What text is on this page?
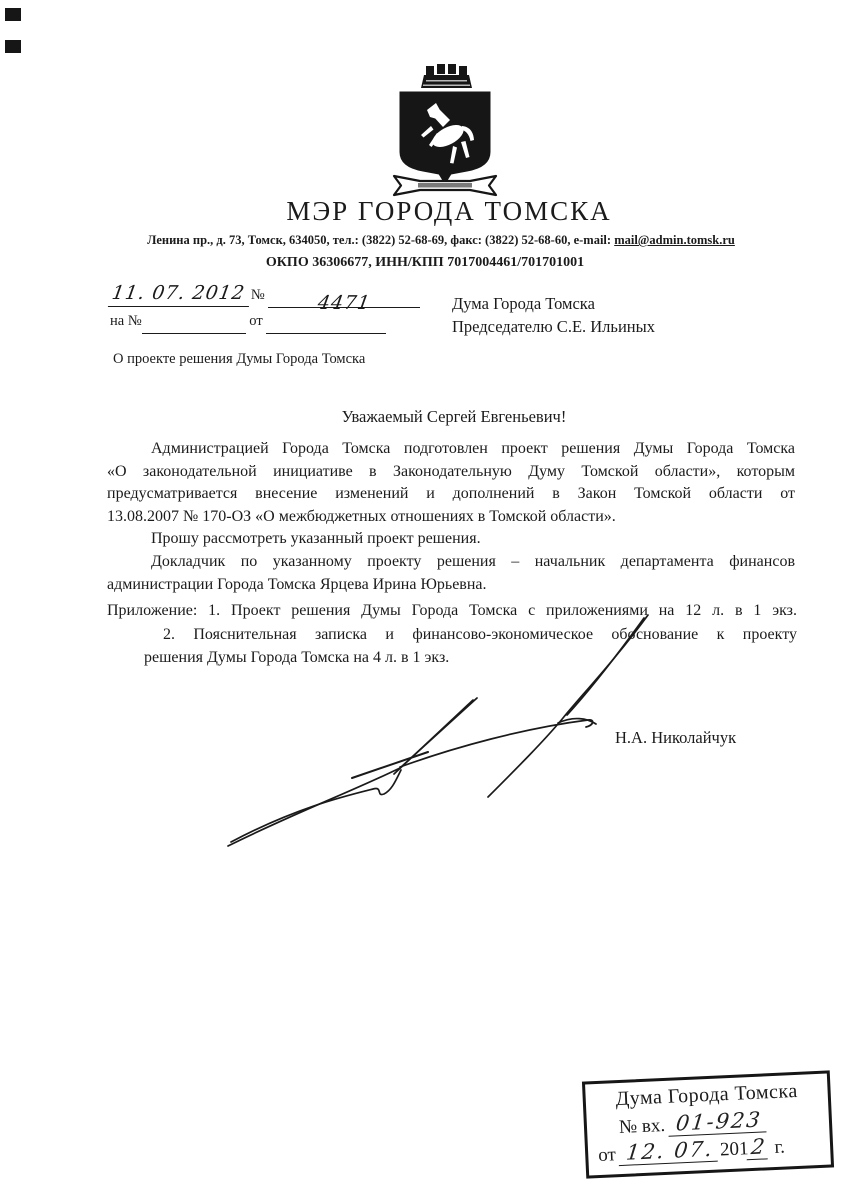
МЭР ГОРОДА ТОМСКА
Ленина пр., д. 73, Томск, 634050, тел.: (3822) 52-68-69, факс: (3822) 52-68-60, e-mail: mail@admin.tomsk.ru
ОКПО 36306677, ИНН/КПП 7017004461/701701001
11. 07. 2012 №	4471
на №	от
Дума Города Томска
Председателю С.Е. Ильиных
О проекте решения Думы Города Томска
Уважаемый Сергей Евгеньевич!
Администрацией Города Томска подготовлен проект решения Думы Города Томска
«О законодательной инициативе в Законодательную Думу Томской области», которым
предусматривается внесение изменений и дополнений в Закон Томской области от
13.08.2007 № 170-ОЗ «О межбюджетных отношениях в Томской области».
Прошу рассмотреть указанный проект решения.
Докладчик по указанному проекту решения – начальник департамента финансов
администрации Города Томска Ярцева Ирина Юрьевна.
Приложение: 1. Проект решения Думы Города Томска с приложениями на 12 л. в 1 экз.
2. Пояснительная записка и финансово-экономическое обоснование к проекту
решения Думы Города Томска на 4 л. в 1 экз.
Н.А. Николайчук
Дума Города Томска
№ вх. 01-923
от 12. 07. 2012 г.
